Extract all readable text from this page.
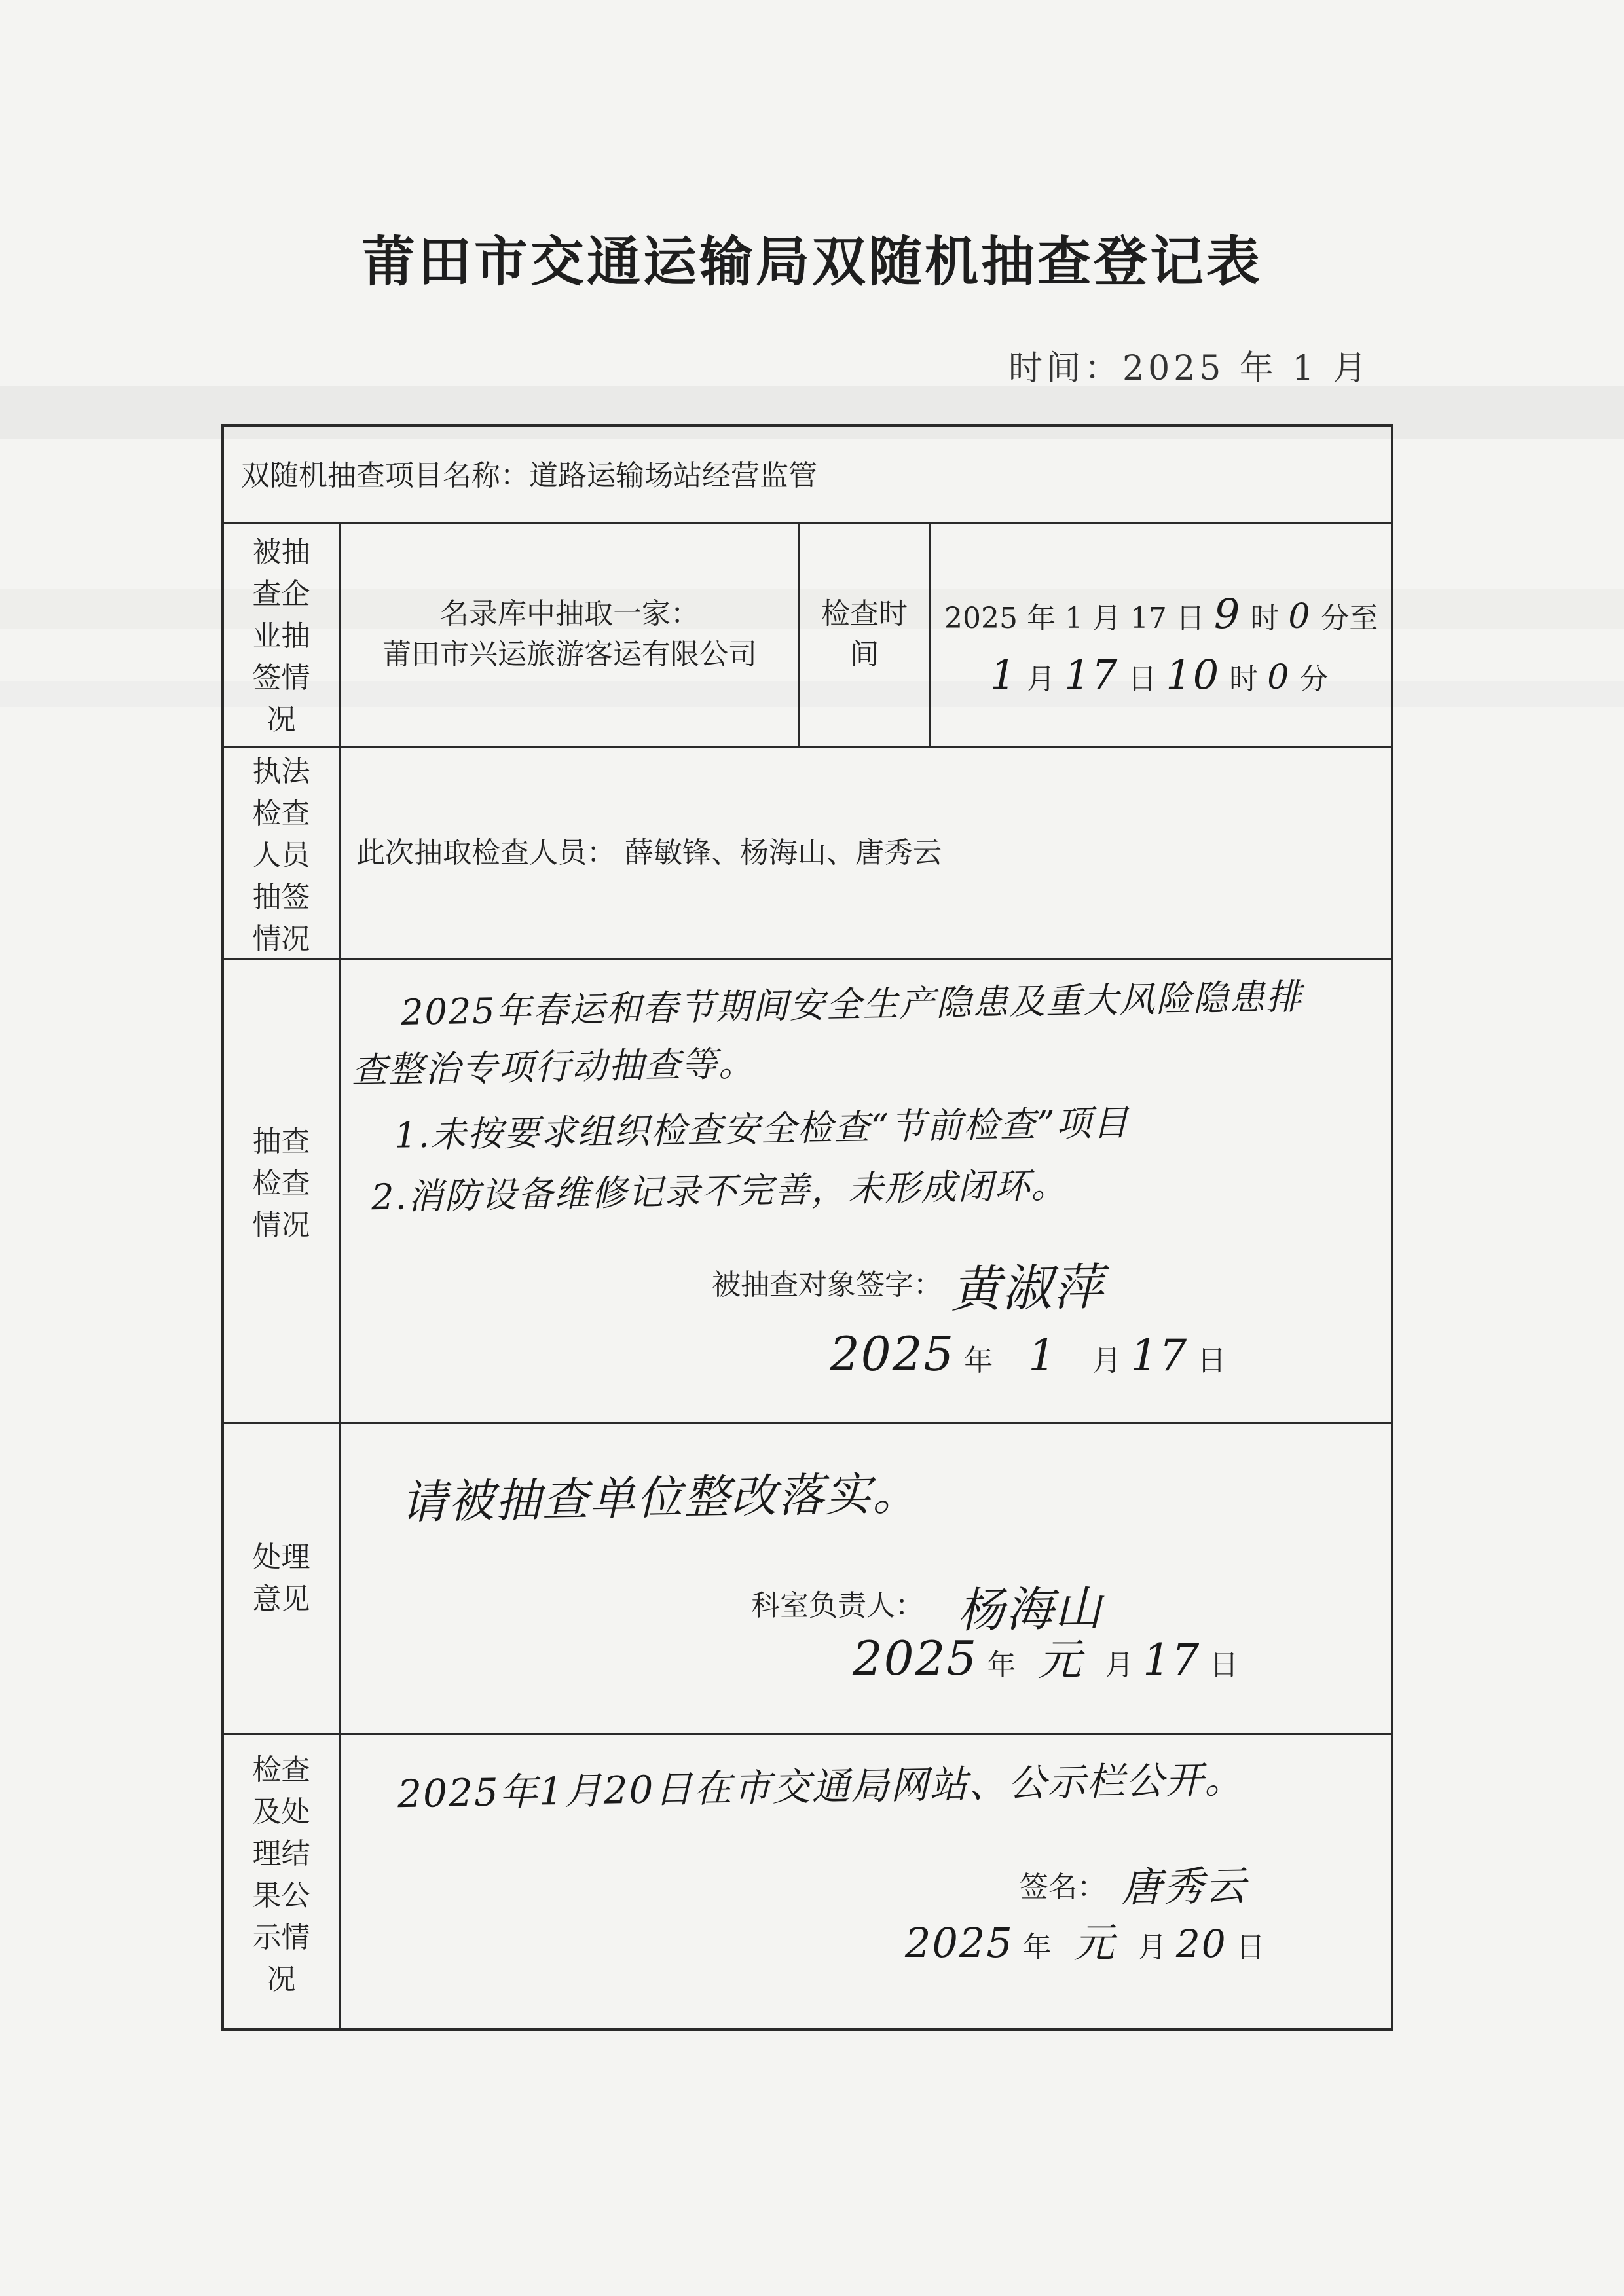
莆田市交通运输局双随机抽查登记表
时间：2025 年 1 月
双随机抽查项目名称：道路运输场站经营监管
被抽
查企
业抽
签情
况
名录库中抽取一家：
莆田市兴运旅游客运有限公司
检查时
间
2025 年 1 月 17 日 9 时 0 分至
1 月 17 日 10 时 0 分
执法
检查
人员
抽签
情况
此次抽取检查人员： 薛敏锋、杨海山、唐秀云
抽查
检查
情况
2025年春运和春节期间安全生产隐患及重大风险隐患排
查整治专项行动抽查等。
1.未按要求组织检查安全检查“节前检查”项目
2.消防设备维修记录不完善，未形成闭环。
被抽查对象签字： 黄淑萍
2025 年 1 月 17 日
处理
意见
请被抽查单位整改落实。
科室负责人： 杨海山
2025 年 元 月 17 日
检查
及处
理结
果公
示情
况
2025年1月20日在市交通局网站、公示栏公开。
签名： 唐秀云
2025 年 元 月 20 日
